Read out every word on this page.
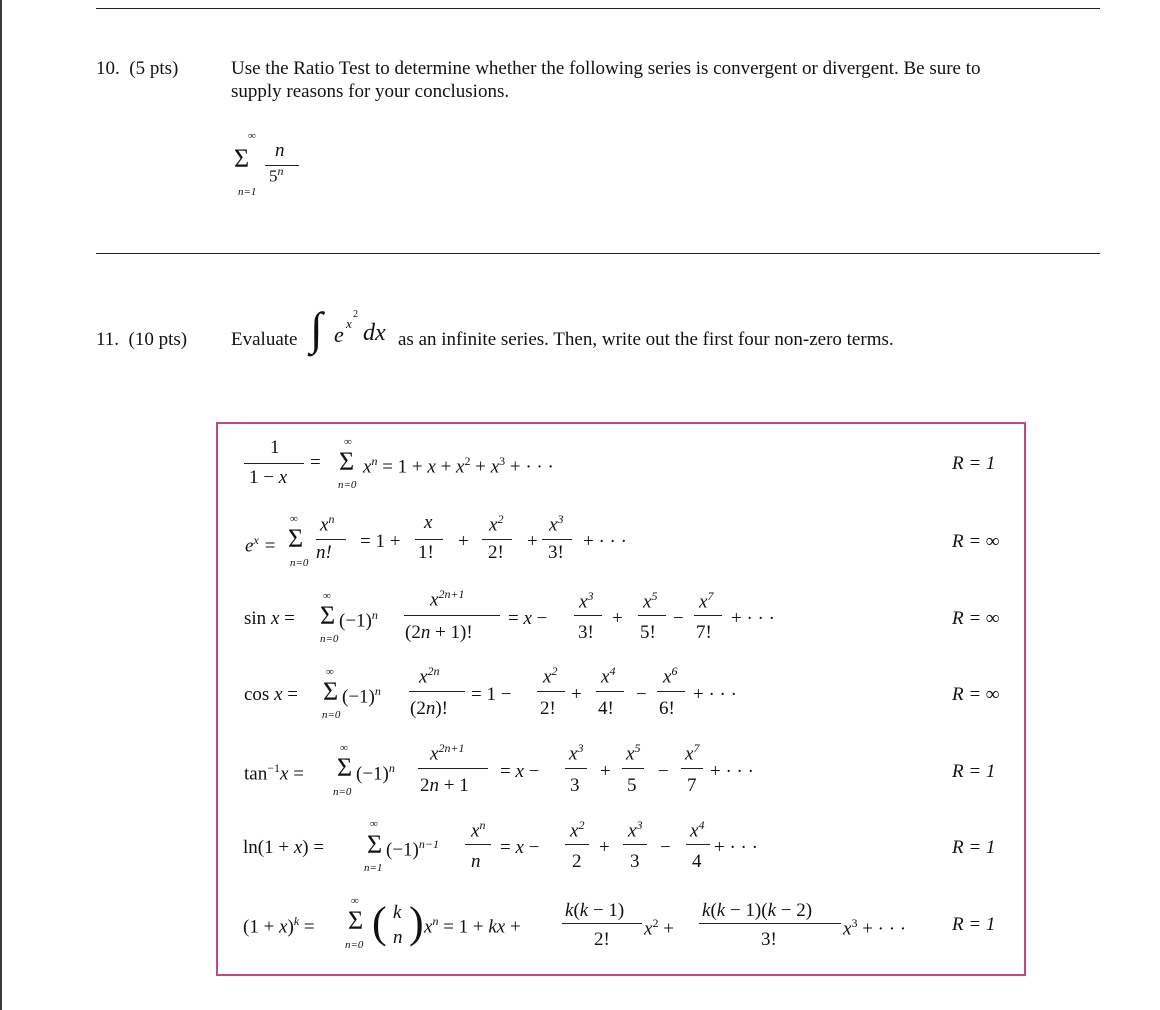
10. (5 pts)	Use the Ratio Test to determine whether the following series is convergent or divergent. Be sure to
supply reasons for your conclusions.
∞
Σ
n=1
n
5$^n$
11. (10 pts) Evaluate ∫ e x
2
dx as an infinite series. Then, write out the first four non-zero terms.
1
1 − x
=
∞
Σ
n=0
$x^n = 1 + x + x^2 + x^3$ + · · ·	R = 1
$e^x$ =
∞
Σ
n=0
$x^n$
n!
= 1 +
x
1!
+
$x^2$
2!
+
$x^3$
3!
+ · · ·	R = ∞
sin x =
∞
Σ
n=0
$(-1)^n$
$x^{2n+1}$
(2n + 1)!
= x −
$x^3$
3!
+
$x^5$
5!
−
$x^7$
7!
+ · · ·	R = ∞
cos x =
∞
Σ
n=0
$(-1)^n$
$x^{2n}$
(2n)!
= 1 −
$x^2$
2!
+
$x^4$
4!
−
$x^6$
6!
+ · · ·	R = ∞
$\tan^{-1}x$ =
∞
Σ
n=0
$(-1)^n$
$x^{2n+1}$
2n + 1
= x −
$x^3$
3
+
$x^5$
5
−
$x^7$
7
+ · · ·	R = 1
ln(1 + x) =
∞
Σ
n=1
$(-1)^{n-1}$
$x^n$
n
= x −
$x^2$
2
+
$x^3$
3
−
$x^4$
4
+ · · ·	R = 1
$(1 + x)^k$ =
∞
Σ
n=0 ( k
n ) $x^n = 1$ + kx +
k(k − 1)
2!
$x^2$ +
k(k − 1)(k − 2)
3!
$x^3$ + · · · R = 1
